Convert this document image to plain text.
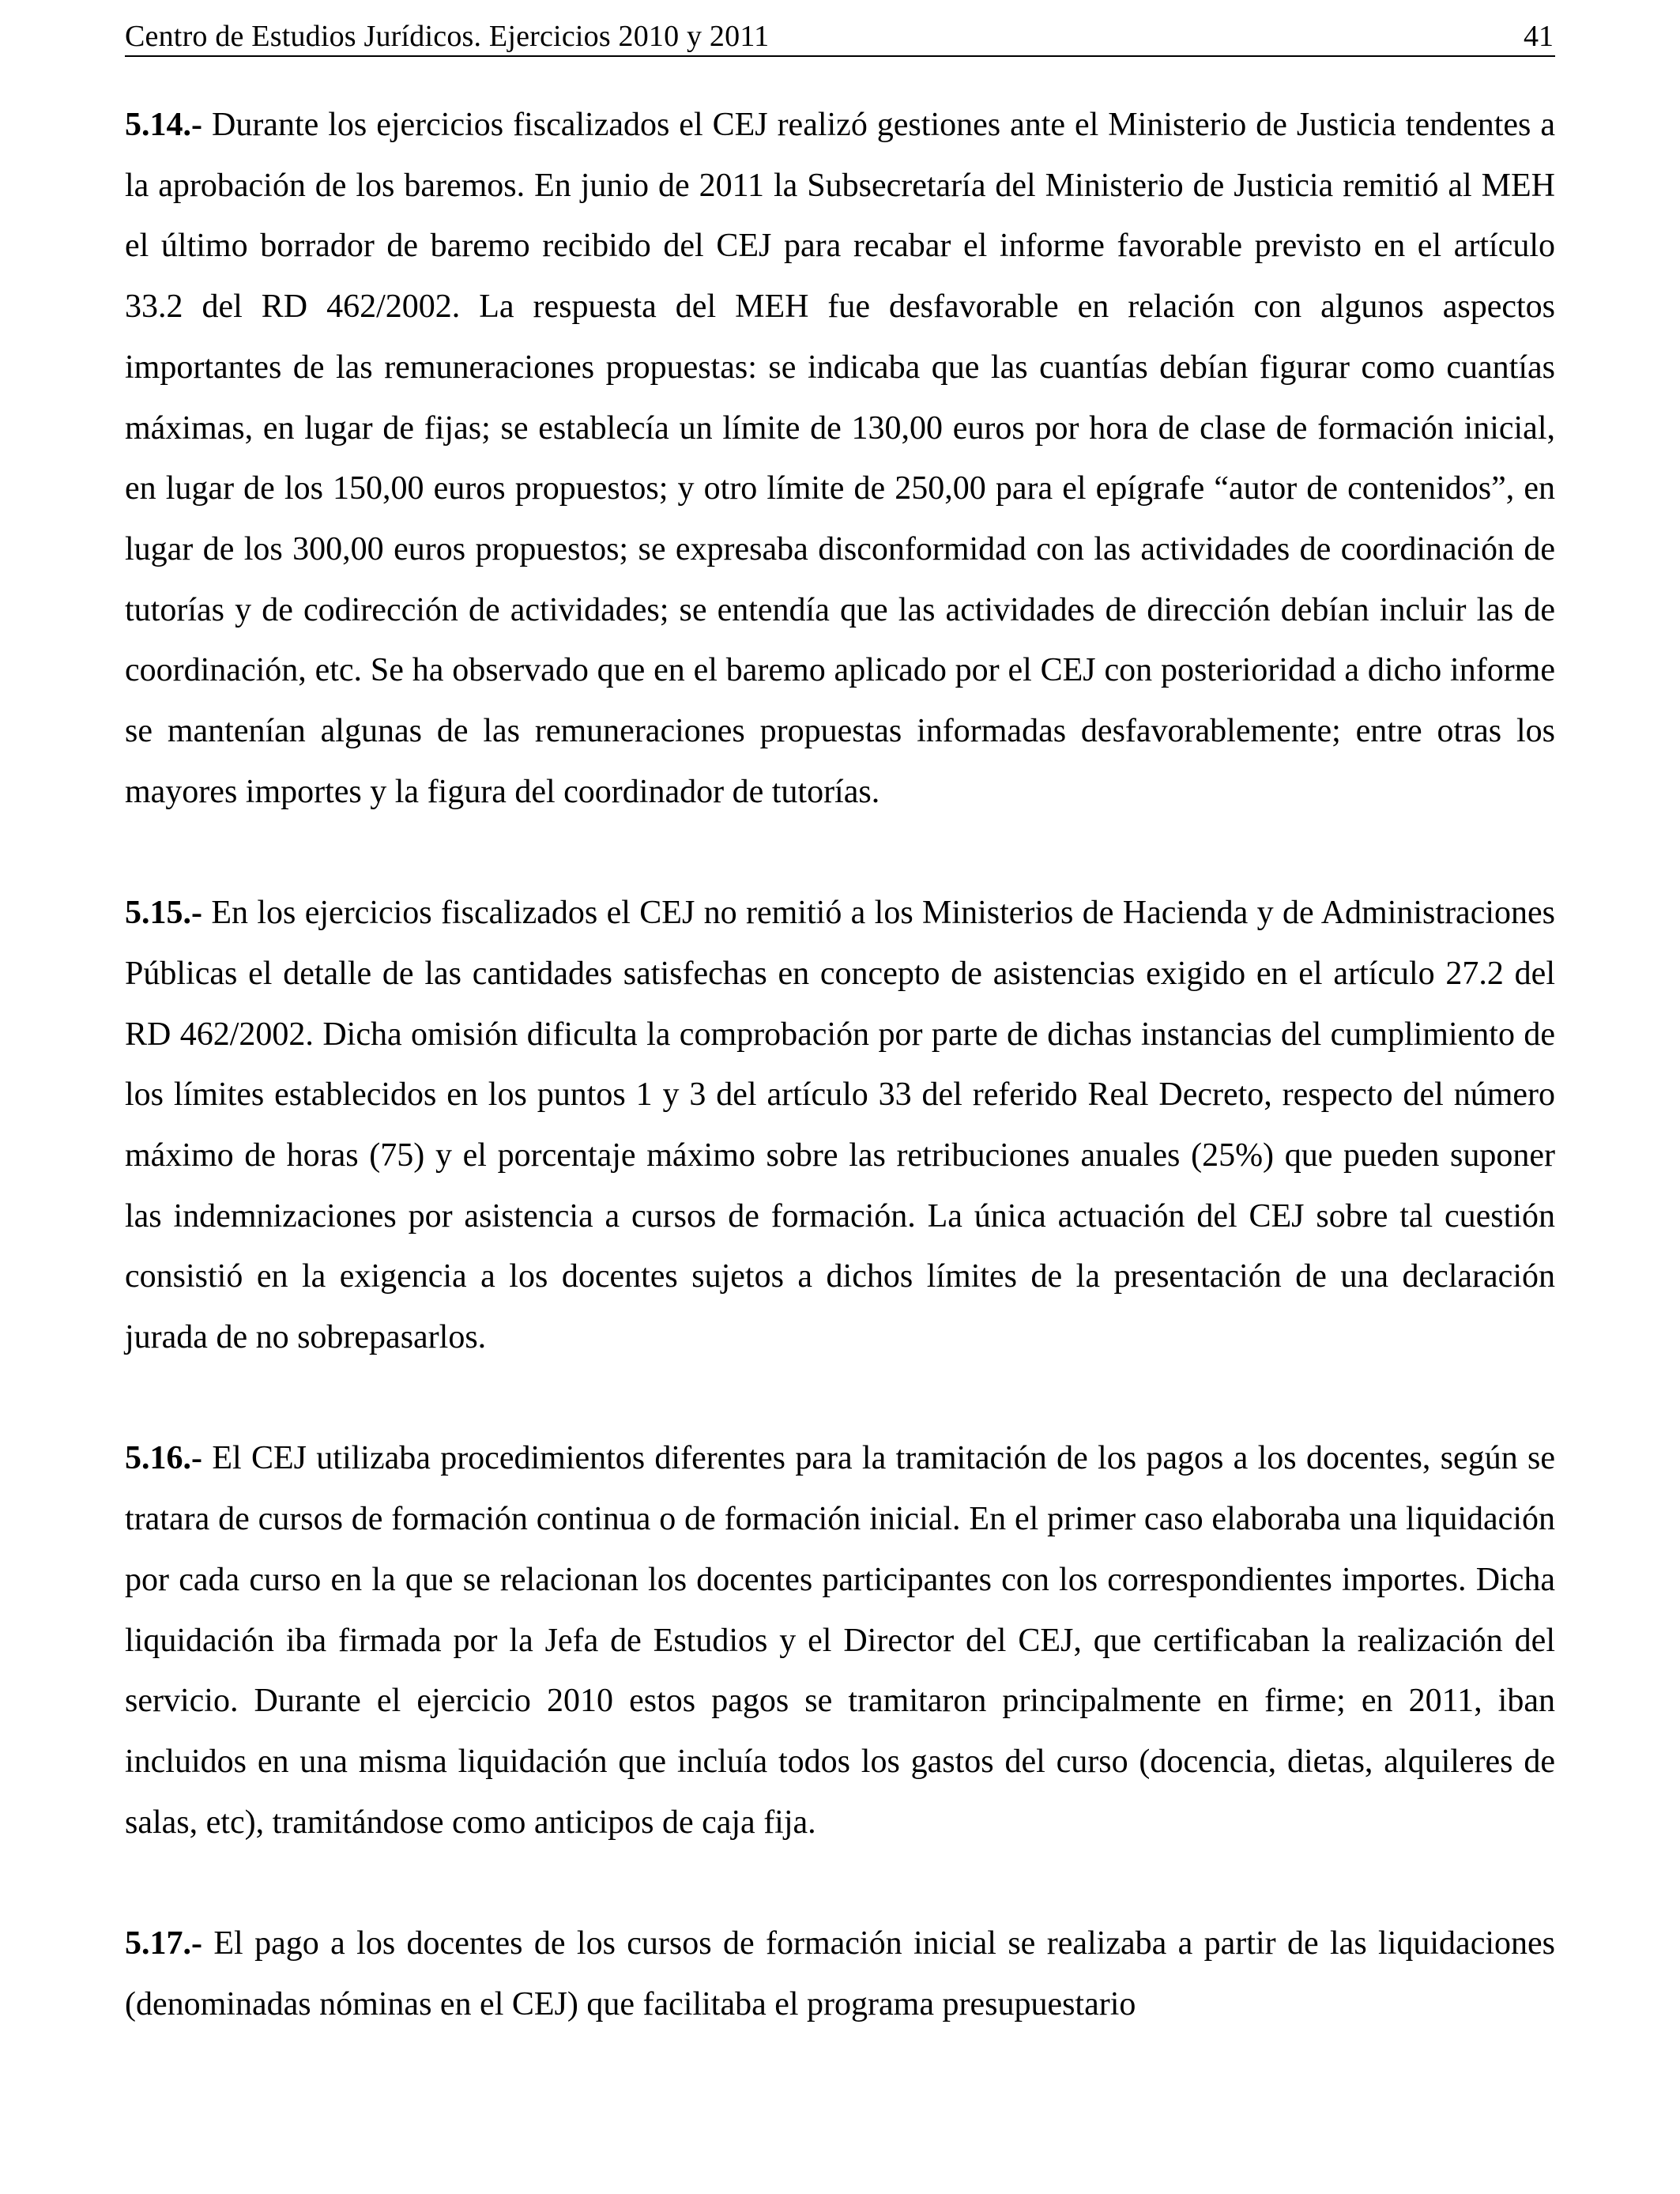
Centro de Estudios Jurídicos. Ejercicios 2010 y 2011	41

5.14.- Durante los ejercicios fiscalizados el CEJ realizó gestiones ante el Ministerio de Justicia tendentes a la aprobación de los baremos. En junio de 2011 la Subsecretaría del Ministerio de Justicia remitió al MEH el último borrador de baremo recibido del CEJ para recabar el informe favorable previsto en el artículo 33.2 del RD 462/2002. La respuesta del MEH fue desfavorable en relación con algunos aspectos importantes de las remuneraciones propuestas: se indicaba que las cuantías debían figurar como cuantías máximas, en lugar de fijas; se establecía un límite de 130,00 euros por hora de clase de formación inicial, en lugar de los 150,00 euros propuestos; y otro límite de 250,00 para el epígrafe “autor de contenidos”, en lugar de los 300,00 euros propuestos; se expresaba disconformidad con las actividades de coordinación de tutorías y de codirección de actividades; se entendía que las actividades de dirección debían incluir las de coordinación, etc. Se ha observado que en el baremo aplicado por el CEJ con posterioridad a dicho informe se mantenían algunas de las remuneraciones propuestas informadas desfavorablemente; entre otras los mayores importes y la figura del coordinador de tutorías.

5.15.- En los ejercicios fiscalizados el CEJ no remitió a los Ministerios de Hacienda y de Administraciones Públicas el detalle de las cantidades satisfechas en concepto de asistencias exigido en el artículo 27.2 del RD 462/2002. Dicha omisión dificulta la comprobación por parte de dichas instancias del cumplimiento de los límites establecidos en los puntos 1 y 3 del artículo 33 del referido Real Decreto, respecto del número máximo de horas (75) y el porcentaje máximo sobre las retribuciones anuales (25%) que pueden suponer las indemnizaciones por asistencia a cursos de formación. La única actuación del CEJ sobre tal cuestión consistió en la exigencia a los docentes sujetos a dichos límites de la presentación de una declaración jurada de no sobrepasarlos.

5.16.- El CEJ utilizaba procedimientos diferentes para la tramitación de los pagos a los docentes, según se tratara de cursos de formación continua o de formación inicial. En el primer caso elaboraba una liquidación por cada curso en la que se relacionan los docentes participantes con los correspondientes importes. Dicha liquidación iba firmada por la Jefa de Estudios y el Director del CEJ, que certificaban la realización del servicio. Durante el ejercicio 2010 estos pagos se tramitaron principalmente en firme; en 2011, iban incluidos en una misma liquidación que incluía todos los gastos del curso (docencia, dietas, alquileres de salas, etc), tramitándose como anticipos de caja fija.

5.17.- El pago a los docentes de los cursos de formación inicial se realizaba a partir de las liquidaciones (denominadas nóminas en el CEJ) que facilitaba el programa presupuestario
